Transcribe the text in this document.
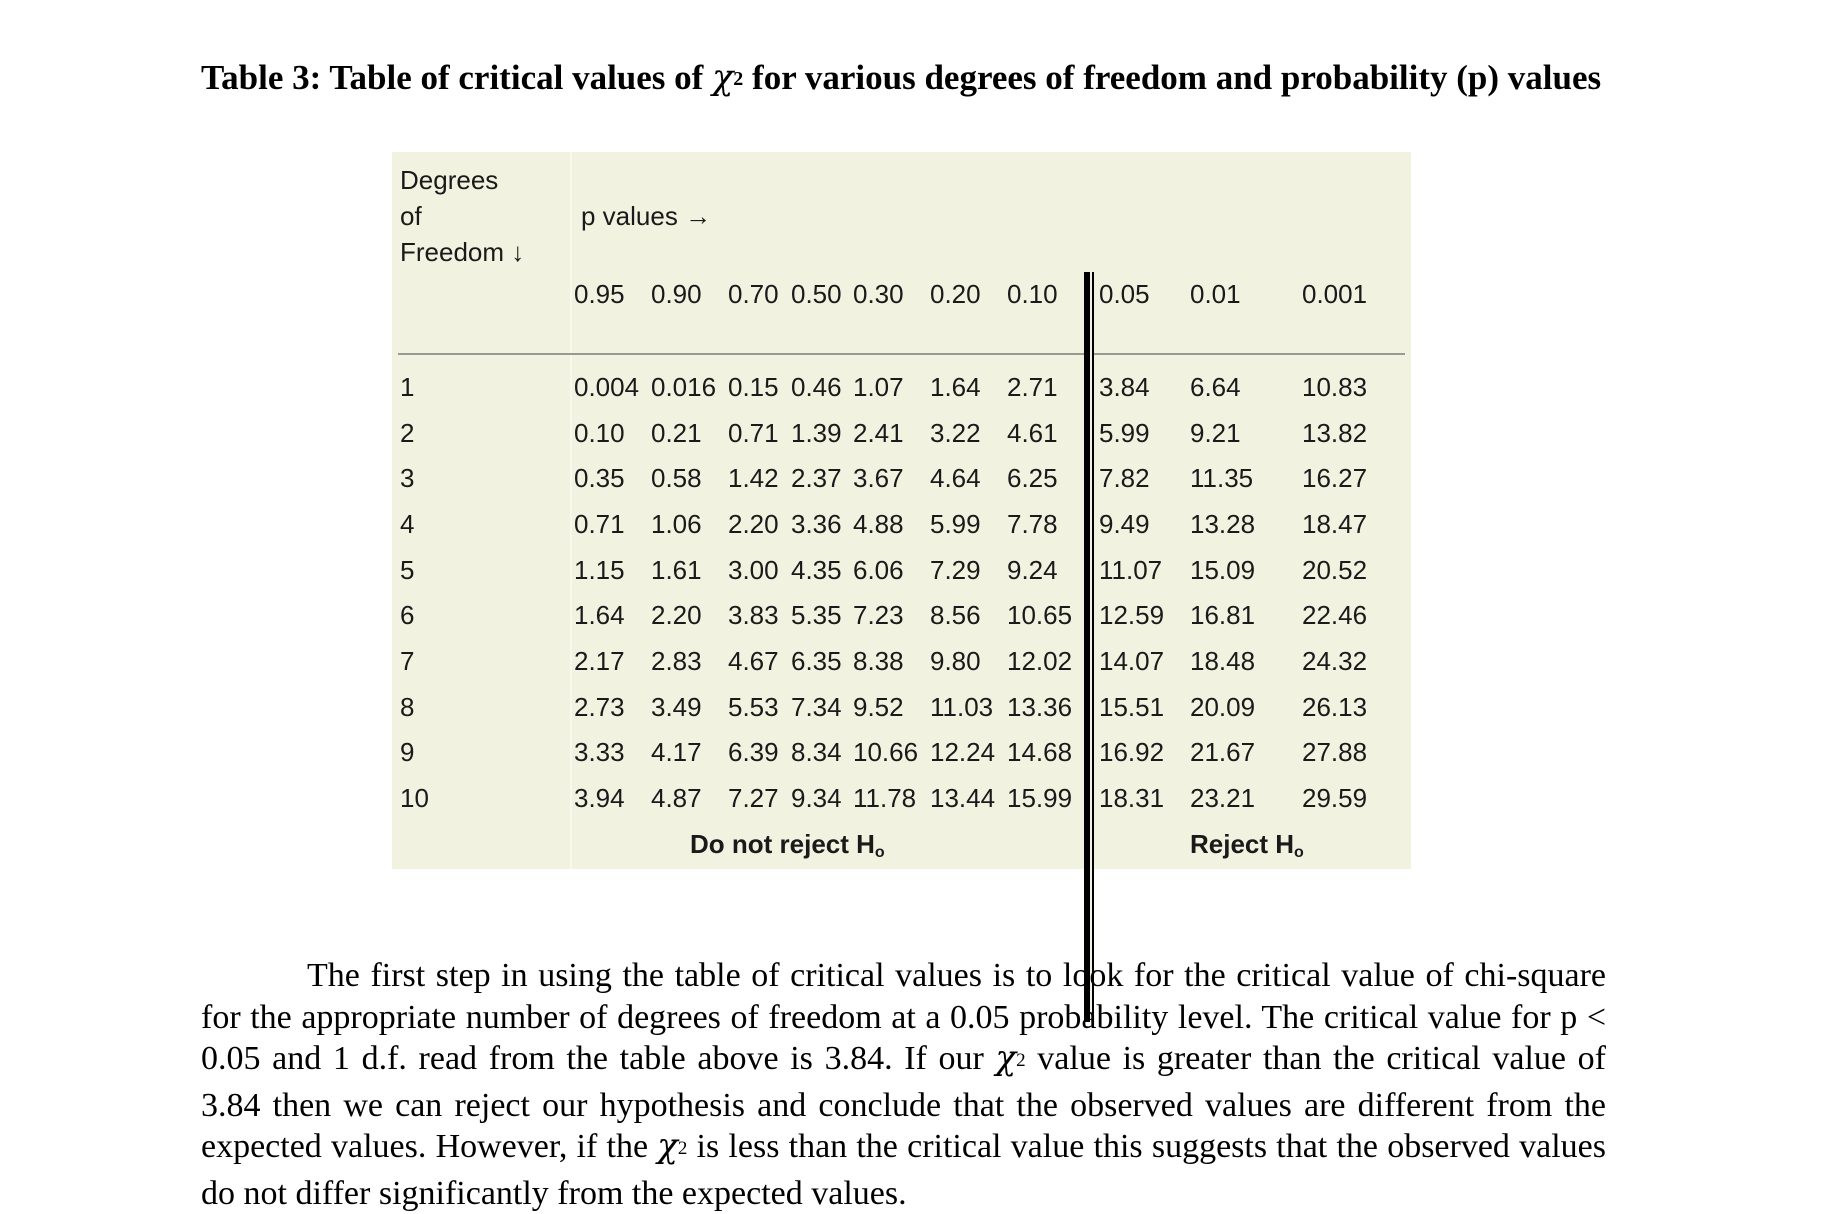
Table 3: Table of critical values of $\chi^2$ for various degrees of freedom and probability (p) values
Degrees
of
Freedom ↓
p values →
Do not reject $H_o$	Reject $H_o$
0.95 0.90 0.70 0.50 0.30 0.20 0.10 0.05 0.01 0.001
1	0.004 0.016 0.15 0.46 1.07 1.64 2.71 3.84 6.64 10.83
2	0.10 0.21 0.71 1.39 2.41 3.22 4.61 5.99 9.21 13.82
3	0.35 0.58 1.42 2.37 3.67 4.64 6.25 7.82 11.35 16.27
4	0.71 1.06 2.20 3.36 4.88 5.99 7.78 9.49 13.28 18.47
5	1.15 1.61 3.00 4.35 6.06 7.29 9.24 11.07 15.09 20.52
6	1.64 2.20 3.83 5.35 7.23 8.56 10.65 12.59 16.81 22.46
7	2.17 2.83 4.67 6.35 8.38 9.80 12.02 14.07 18.48 24.32
8	2.73 3.49 5.53 7.34 9.52 11.03 13.36 15.51 20.09 26.13
9	3.33 4.17 6.39 8.34 10.66 12.24 14.68 16.92 21.67 27.88
10	3.94 4.87 7.27 9.34 11.78 13.44 15.99 18.31 23.21 29.59
The first step in using the table of critical values is to look for the critical value of chi-square for the appropriate number of degrees of freedom at a 0.05 probability level. The critical value for p < 0.05 and 1 d.f. read from the table above is 3.84. If our $\chi^2$ value is greater than the critical value of 3.84 then we can reject our hypothesis and conclude that the observed values are different from the expected values. However, if the $\chi^2$ is less than the critical value this suggests that the observed values do not differ significantly from the expected values.
